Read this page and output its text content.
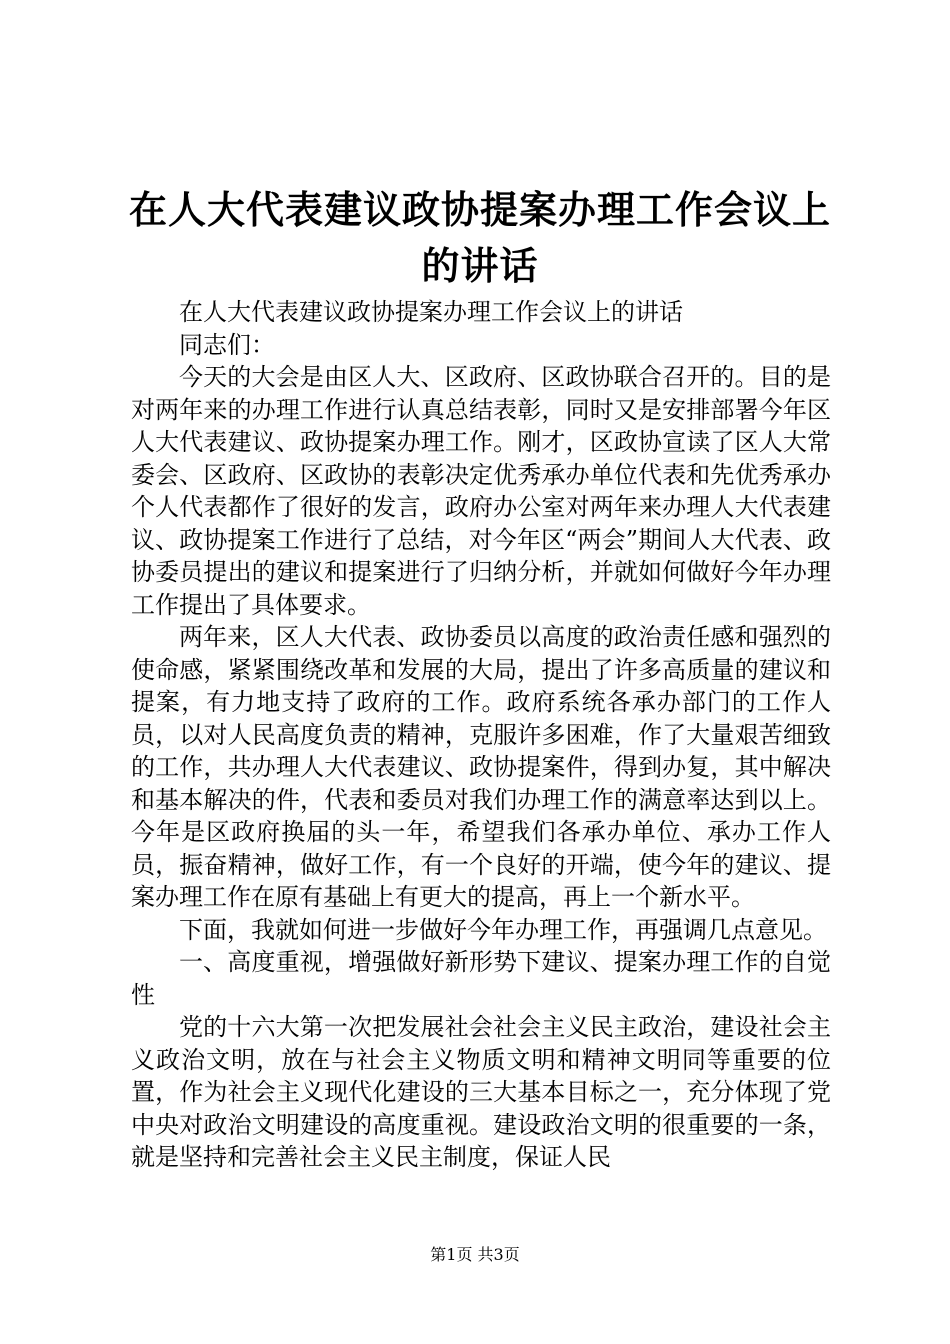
在人大代表建议政协提案办理工作会议上的讲话

在人大代表建议政协提案办理工作会议上的讲话

同志们：

今天的大会是由区人大、区政府、区政协联合召开的。目的是对两年来的办理工作进行认真总结表彰，同时又是安排部署今年区人大代表建议、政协提案办理工作。刚才，区政协宣读了区人大常委会、区政府、区政协的表彰决定优秀承办单位代表和先优秀承办个人代表都作了很好的发言，政府办公室对两年来办理人大代表建议、政协提案工作进行了总结，对今年区“两会”期间人大代表、政协委员提出的建议和提案进行了归纳分析，并就如何做好今年办理工作提出了具体要求。

两年来，区人大代表、政协委员以高度的政治责任感和强烈的使命感，紧紧围绕改革和发展的大局，提出了许多高质量的建议和提案，有力地支持了政府的工作。政府系统各承办部门的工作人员，以对人民高度负责的精神，克服许多困难，作了大量艰苦细致的工作，共办理人大代表建议、政协提案件，得到办复，其中解决和基本解决的件，代表和委员对我们办理工作的满意率达到以上。今年是区政府换届的头一年，希望我们各承办单位、承办工作人员，振奋精神，做好工作，有一个良好的开端，使今年的建议、提案办理工作在原有基础上有更大的提高，再上一个新水平。

下面，我就如何进一步做好今年办理工作，再强调几点意见。

一、高度重视，增强做好新形势下建议、提案办理工作的自觉性

党的十六大第一次把发展社会社会主义民主政治，建设社会主义政治文明，放在与社会主义物质文明和精神文明同等重要的位置，作为社会主义现代化建设的三大基本目标之一，充分体现了党中央对政治文明建设的高度重视。建设政治文明的很重要的一条，就是坚持和完善社会主义民主制度，保证人民

第1页 共3页
